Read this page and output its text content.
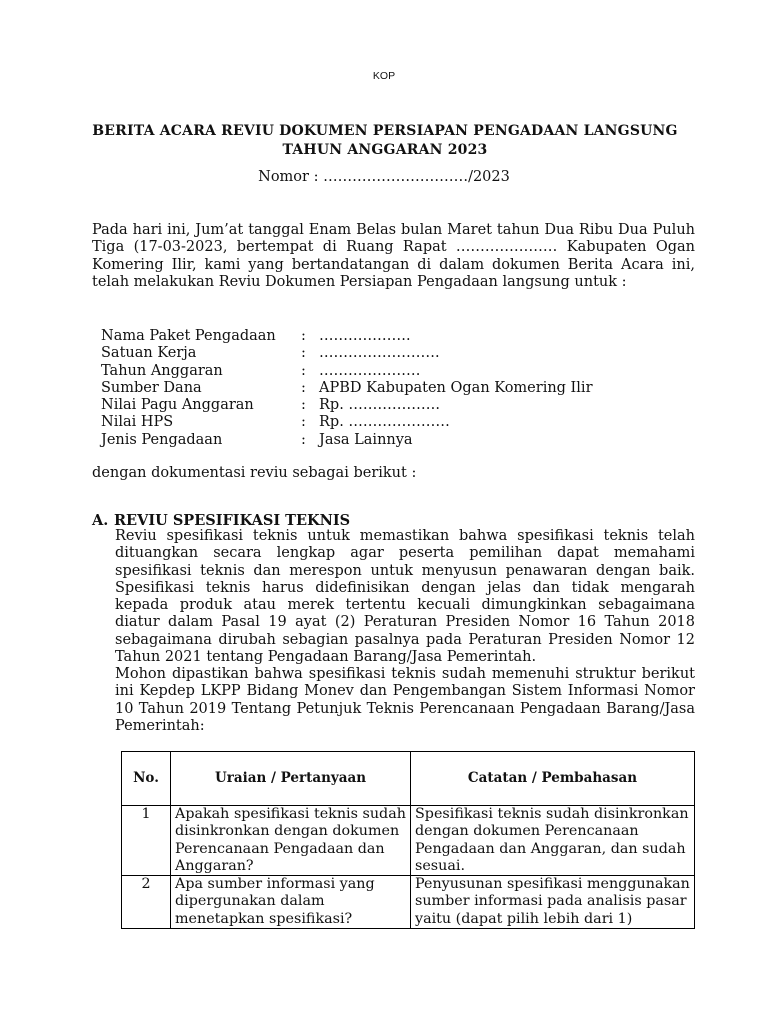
KOP
BERITA ACARA REVIU DOKUMEN PERSIAPAN PENGADAAN LANGSUNG
TAHUN ANGGARAN 2023
Nomor : …………………………/2023
Pada hari ini, Jum’at tanggal Enam Belas bulan Maret tahun Dua Ribu Dua Puluh Tiga (17-03-2023, bertempat di Ruang Rapat ………………… Kabupaten Ogan Komering Ilir, kami yang bertandatangan di dalam dokumen Berita Acara ini, telah melakukan Reviu Dokumen Persiapan Pengadaan langsung untuk :
Nama Paket Pengadaan : ……………….
Satuan Kerja	: …………………….
Tahun Anggaran	: …………………
Sumber Dana	: APBD Kabupaten Ogan Komering Ilir
Nilai Pagu Anggaran	: Rp. ……………….
Nilai HPS	: Rp. …………………
Jenis Pengadaan	: Jasa Lainnya
dengan dokumentasi reviu sebagai berikut :
A. REVIU SPESIFIKASI TEKNIS
Reviu spesifikasi teknis untuk memastikan bahwa spesifikasi teknis telah dituangkan secara lengkap agar peserta pemilihan dapat memahami spesifikasi teknis dan merespon untuk menyusun penawaran dengan baik. Spesifikasi teknis harus didefinisikan dengan jelas dan tidak mengarah kepada produk atau merek tertentu kecuali dimungkinkan sebagaimana diatur dalam Pasal 19 ayat (2) Peraturan Presiden Nomor 16 Tahun 2018 sebagaimana dirubah sebagian pasalnya pada Peraturan Presiden Nomor 12 Tahun 2021 tentang Pengadaan Barang/Jasa Pemerintah.
Mohon dipastikan bahwa spesifikasi teknis sudah memenuhi struktur berikut ini Kepdep LKPP Bidang Monev dan Pengembangan Sistem Informasi Nomor 10 Tahun 2019 Tentang Petunjuk Teknis Perencanaan Pengadaan Barang/Jasa Pemerintah:
No.	Uraian / Pertanyaan	Catatan / Pembahasan
1	Apakah spesifikasi teknis sudah disinkronkan dengan dokumen Perencanaan Pengadaan dan Anggaran?	Spesifikasi teknis sudah disinkronkan dengan dokumen Perencanaan Pengadaan dan Anggaran, dan sudah sesuai.
2	Apa sumber informasi yang dipergunakan dalam menetapkan spesifikasi?	Penyusunan spesifikasi menggunakan sumber informasi pada analisis pasar yaitu (dapat pilih lebih dari 1)
